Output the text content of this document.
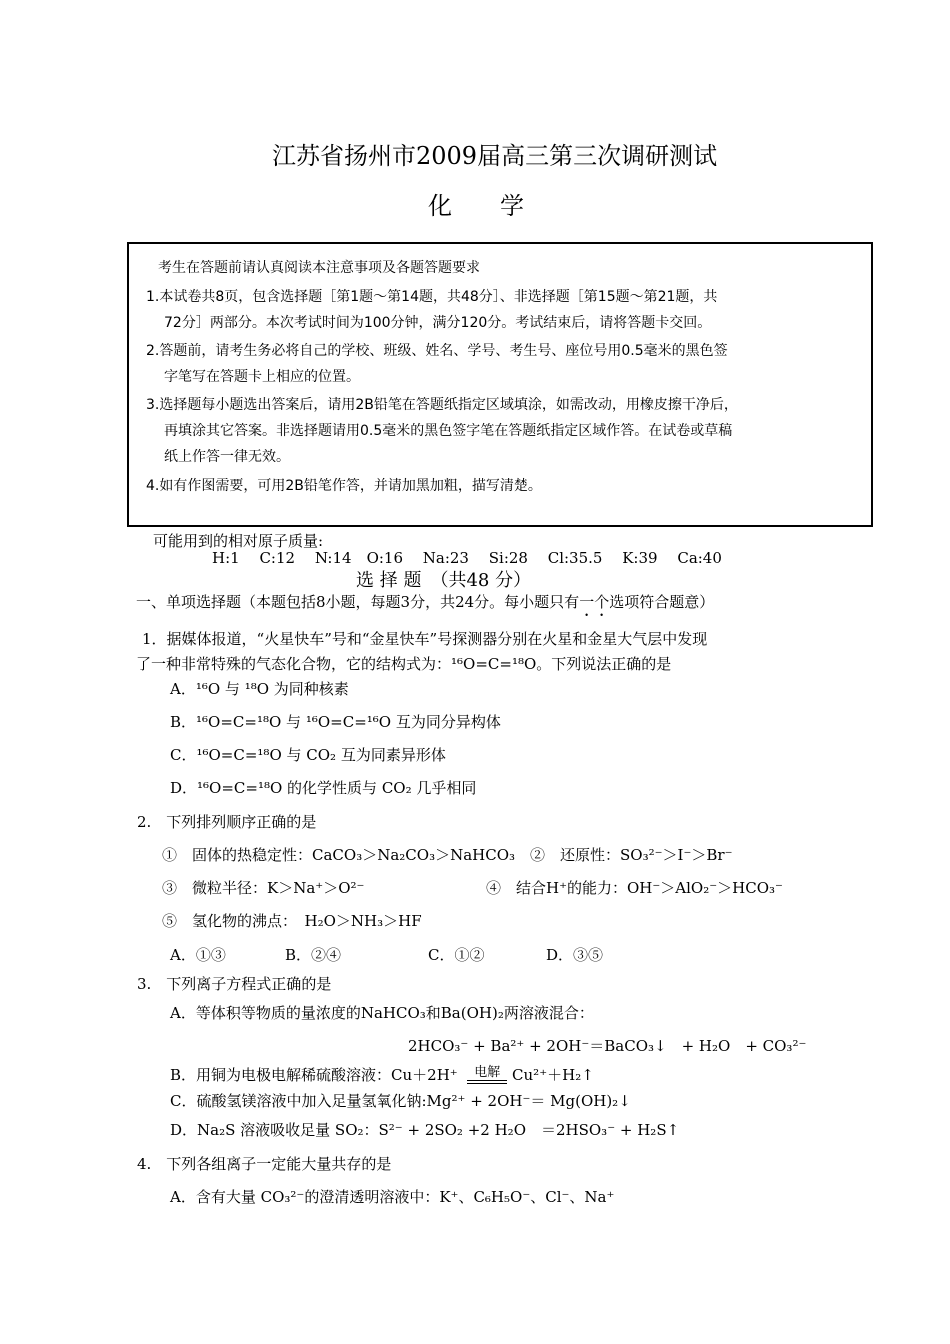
江苏省扬州市2009届高三第三次调研测试
化　　学
考生在答题前请认真阅读本注意事项及各题答题要求
1.本试卷共8页，包含选择题［第1题～第14题，共48分］、非选择题［第15题～第21题，共
72分］两部分。本次考试时间为100分钟，满分120分。考试结束后，请将答题卡交回。
2.答题前，请考生务必将自己的学校、班级、姓名、学号、考生号、座位号用0.5毫米的黑色签
字笔写在答题卡上相应的位置。
3.选择题每小题选出答案后，请用2B铅笔在答题纸指定区域填涂，如需改动，用橡皮擦干净后，
再填涂其它答案。非选择题请用0.5毫米的黑色签字笔在答题纸指定区域作答。在试卷或草稿
纸上作答一律无效。
4.如有作图需要，可用2B铅笔作答，并请加黑加粗，描写清楚。
可能用到的相对原子质量:
H:1　 C:12　 N:14　O:16　 Na:23　 Si:28　 Cl:35.5　 K:39　 Ca:40
选 择 题　（共48 分）
一、单项选择题（本题包括8小题，每题3分，共24分。每小题只有一个选项符合题意）
1．据媒体报道，“火星快车”号和“金星快车”号探测器分别在火星和金星大气层中发现
了一种非常特殊的气态化合物，它的结构式为：¹⁶O=C=¹⁸O。下列说法正确的是
A．¹⁶O 与 ¹⁸O 为同种核素
B．¹⁶O=C=¹⁸O 与 ¹⁶O=C=¹⁶O 互为同分异构体
C．¹⁶O=C=¹⁸O 与 CO₂ 互为同素异形体
D．¹⁶O=C=¹⁸O 的化学性质与 CO₂ 几乎相同
2.　下列排列顺序正确的是
①　固体的热稳定性：CaCO₃＞Na₂CO₃＞NaHCO₃　②　还原性：SO₃²⁻＞I⁻＞Br⁻
③　微粒半径：K＞Na⁺＞O²⁻	④　结合H⁺的能力：OH⁻＞AlO₂⁻＞HCO₃⁻
⑤　氢化物的沸点：　H₂O＞NH₃＞HF
A．①③	B．②④	C．①②	D．③⑤
3.　下列离子方程式正确的是
A．等体积等物质的量浓度的NaHCO₃和Ba(OH)₂两溶液混合：
2HCO₃⁻ + Ba²⁺ + 2OH⁻＝BaCO₃↓　+ H₂O　+ CO₃²⁻
B．用铜为电极电解稀硫酸溶液：Cu＋2H⁺	电解 Cu²⁺＋H₂↑
C．硫酸氢镁溶液中加入足量氢氧化钠:Mg²⁺ + 2OH⁻＝ Mg(OH)₂↓
D．Na₂S 溶液吸收足量 SO₂：S²⁻ + 2SO₂ +2 H₂O　＝2HSO₃⁻ + H₂S↑
4.　下列各组离子一定能大量共存的是
A．含有大量 CO₃²⁻的澄清透明溶液中：K⁺、C₆H₅O⁻、Cl⁻、Na⁺
